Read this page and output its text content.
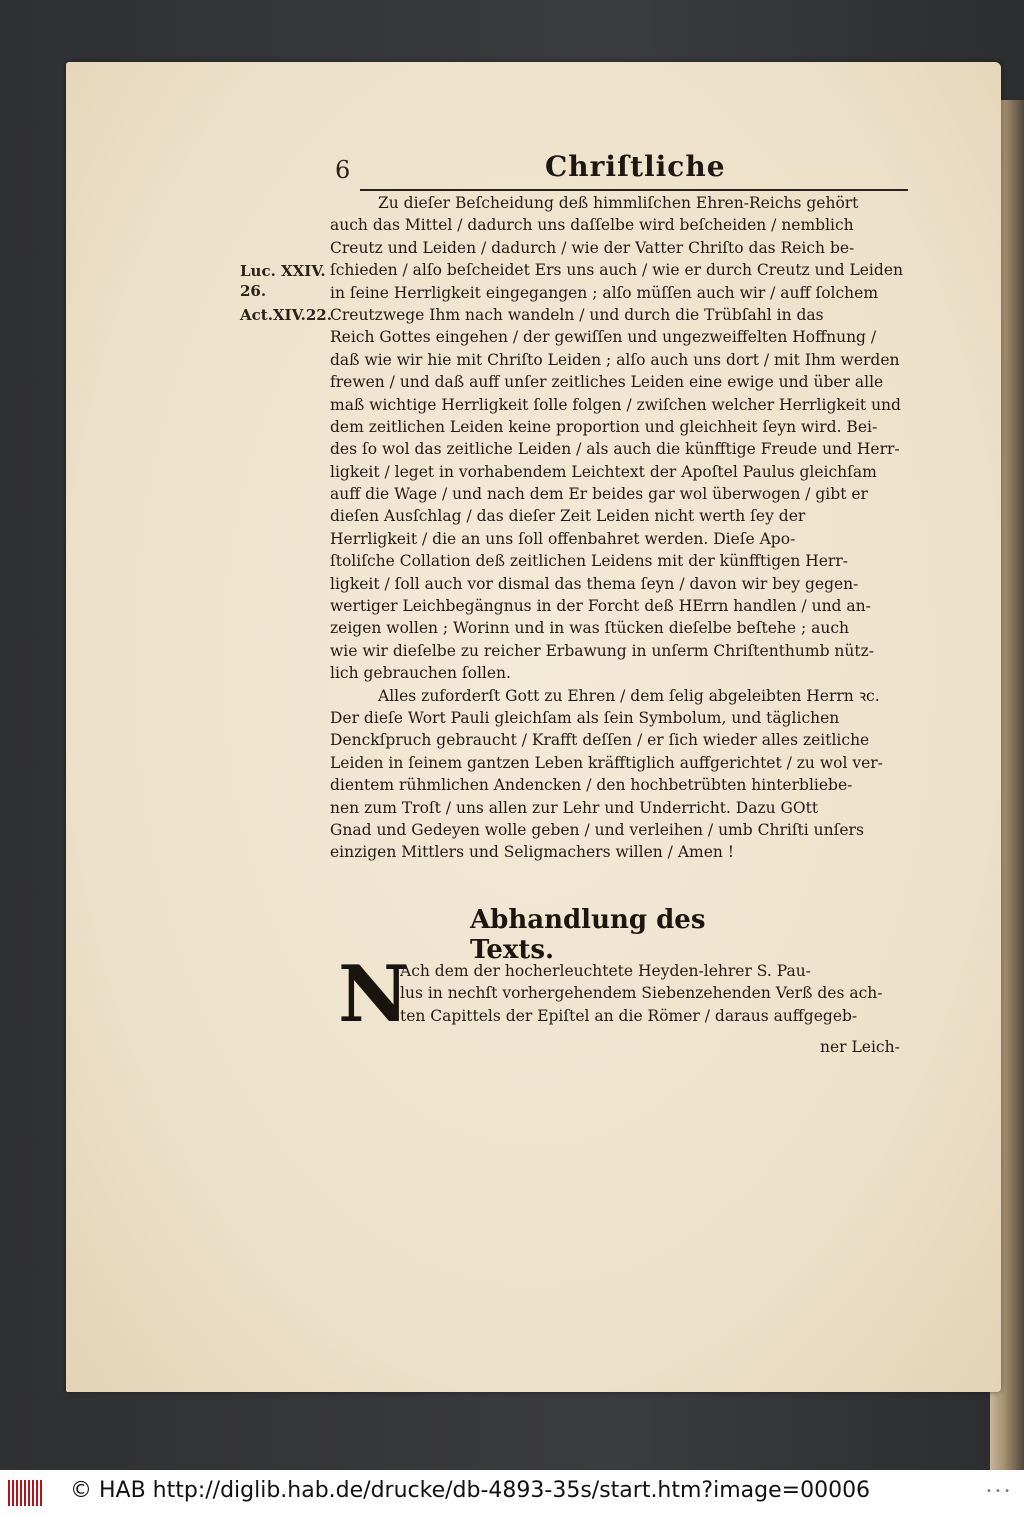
6	Chriſtliche
Luc. XXIV.
26.
Act.XIV.22.
Zu dieſer Beſcheidung deß himmliſchen Ehren-Reichs gehört
auch das Mittel / dadurch uns daſſelbe wird beſcheiden / nemblich
Creutz und Leiden / dadurch / wie der Vatter Chriſto das Reich be-
ſchieden / alſo beſcheidet Ers uns auch / wie er durch Creutz und Leiden
in ſeine Herrligkeit eingegangen ; alſo müſſen auch wir / auff ſolchem
Creutzwege Ihm nach wandeln / und durch die Trübſahl in das
Reich Gottes eingehen / der gewiſſen und ungezweiffelten Hoffnung /
daß wie wir hie mit Chriſto Leiden ; alſo auch uns dort / mit Ihm werden
frewen / und daß auff unſer zeitliches Leiden eine ewige und über alle
maß wichtige Herrligkeit ſolle folgen / zwiſchen welcher Herrligkeit und
dem zeitlichen Leiden keine proportion und gleichheit ſeyn wird. Bei-
des ſo wol das zeitliche Leiden / als auch die künfftige Freude und Herr-
ligkeit / leget in vorhabendem Leichtext der Apoſtel Paulus gleichſam
auff die Wage / und nach dem Er beides gar wol überwogen / gibt er
dieſen Ausſchlag / das dieſer Zeit Leiden nicht werth ſey der
Herrligkeit / die an uns ſoll offenbahret werden. Dieſe Apo-
ſtoliſche Collation deß zeitlichen Leidens mit der künfftigen Herr-
ligkeit / ſoll auch vor dismal das thema ſeyn / davon wir bey gegen-
wertiger Leichbegängnus in der Forcht deß HErrn handlen / und an-
zeigen wollen ; Worinn und in was ſtücken dieſelbe beſtehe ; auch
wie wir dieſelbe zu reicher Erbawung in unſerm Chriſtenthumb nütz-
lich gebrauchen ſollen.
Alles zuforderſt Gott zu Ehren / dem ſelig abgeleibten Herrn ꝛc.
Der dieſe Wort Pauli gleichſam als ſein Symbolum, und täglichen
Denckſpruch gebraucht / Krafft deſſen / er ſich wieder alles zeitliche
Leiden in ſeinem gantzen Leben kräfftiglich auffgerichtet / zu wol ver-
dientem rühmlichen Andencken / den hochbetrübten hinterbliebe-
nen zum Troſt / uns allen zur Lehr und Underricht. Dazu GOtt
Gnad und Gedeyen wolle geben / und verleihen / umb Chriſti unſers
einzigen Mittlers und Seligmachers willen / Amen !
Abhandlung des Texts.
N
Ach dem der hocherleuchtete Heyden-lehrer S. Pau-
lus in nechſt vorhergehendem Siebenzehenden Verß des ach-
ten Capittels der Epiſtel an die Römer / daraus auffgegeb-
ner Leich-
© HAB http://diglib.hab.de/drucke/db-4893-35s/start.htm?image=00006	• • •
